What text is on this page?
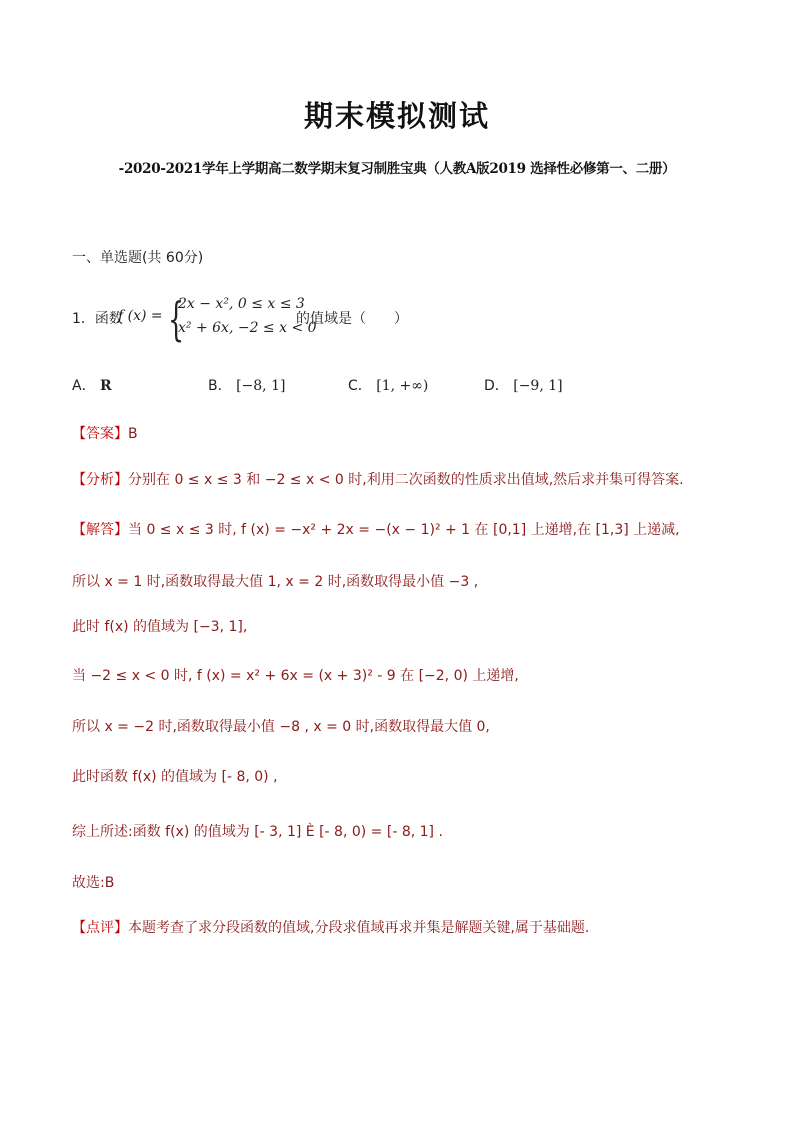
期末模拟测试
-2020-2021学年上学期高二数学期末复习制胜宝典（人教A版2019 选择性必修第一、二册）
一、单选题(共 60分)
1．函数
f (x) = {
2x − x², 0 ≤ x ≤ 3
x² + 6x, −2 ≤ x < 0
的值域是（　　）
A． R	B． [−8, 1]	C． [1, +∞)	D． [−9, 1]
【答案】B
【分析】分别在 0 ≤ x ≤ 3 和 −2 ≤ x < 0 时,利用二次函数的性质求出值域,然后求并集可得答案.
【解答】当 0 ≤ x ≤ 3 时, f (x) = −x² + 2x = −(x − 1)² + 1 在 [0,1] 上递增,在 [1,3] 上递减,
所以 x = 1 时,函数取得最大值 1, x = 2 时,函数取得最小值 −3 ,
此时 f(x) 的值域为 [−3, 1],
当 −2 ≤ x < 0 时, f (x) = x² + 6x = (x + 3)² - 9 在 [−2, 0) 上递增,
所以 x = −2 时,函数取得最小值 −8 , x = 0 时,函数取得最大值 0,
此时函数 f(x) 的值域为 [- 8, 0) ,
综上所述:函数 f(x) 的值域为 [- 3, 1] È [- 8, 0) = [- 8, 1] .
故选:B
【点评】本题考查了求分段函数的值域,分段求值域再求并集是解题关键,属于基础题.
